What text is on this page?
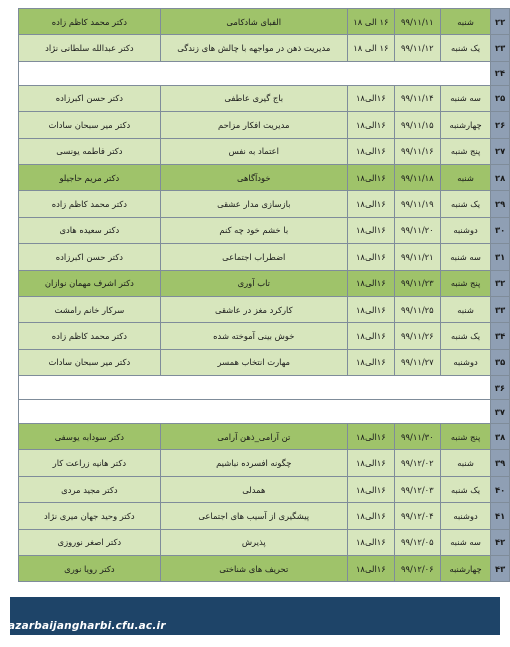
۲۲	شنبه	۹۹/۱۱/۱۱	۱۶ الی ۱۸	الفبای شادکامی	دکتر محمد کاظم زاده
۲۳	یک شنبه	۹۹/۱۱/۱۲	۱۶ الی ۱۸	مدیریت ذهن در مواجهه با چالش های زندگی	دکتر عبدالله سلطانی نژاد
۲۴					
۲۵	سه شنبه	۹۹/۱۱/۱۴	۱۶الی۱۸	باج گیری عاطفی	دکتر حسن اکبرزاده
۲۶	چهارشنبه	۹۹/۱۱/۱۵	۱۶الی۱۸	مدیریت افکار مزاحم	دکتر میر سبحان سادات
۲۷	پنج شنبه	۹۹/۱۱/۱۶	۱۶الی۱۸	اعتماد به نفس	دکتر فاطمه یونسی
۲۸	شنبه	۹۹/۱۱/۱۸	۱۶الی۱۸	خودآگاهی	دکتر مریم حاجیلو
۲۹	یک شنبه	۹۹/۱۱/۱۹	۱۶الی۱۸	بازسازی مدار عشقی	دکتر محمد کاظم زاده
۳۰	دوشنبه	۹۹/۱۱/۲۰	۱۶الی۱۸	با خشم خود چه کنم	دکتر سعیده هادی
۳۱	سه شنبه	۹۹/۱۱/۲۱	۱۶الی۱۸	اضطراب اجتماعی	دکتر حسن اکبرزاده
۳۲	پنج شنبه	۹۹/۱۱/۲۳	۱۶الی۱۸	تاب آوری	دکتر اشرف مهمان نوازان
۳۳	شنبه	۹۹/۱۱/۲۵	۱۶الی۱۸	کارکرد مغز در عاشقی	سرکار خانم رامشت
۳۴	یک شنبه	۹۹/۱۱/۲۶	۱۶الی۱۸	خوش بینی آموخته شده	دکتر محمد کاظم زاده
۳۵	دوشنبه	۹۹/۱۱/۲۷	۱۶الی۱۸	مهارت انتخاب همسر	دکتر میر سبحان سادات
۳۶					
۳۷					
۳۸	پنج شنبه	۹۹/۱۱/۳۰	۱۶الی۱۸	تن آرامی_ذهن آرامی	دکتر سودابه یوسفی
۳۹	شنبه	۹۹/۱۲/۰۲	۱۶الی۱۸	چگونه افسرده نباشیم	دکتر هانیه زراعت کار
۴۰	یک شنبه	۹۹/۱۲/۰۳	۱۶الی۱۸	همدلی	دکتر مجید مردی
۴۱	دوشنبه	۹۹/۱۲/۰۴	۱۶الی۱۸	پیشگیری از آسیب های اجتماعی	دکتر وحید جهان میری نژاد
۴۲	سه شنبه	۹۹/۱۲/۰۵	۱۶الی۱۸	پذیرش	دکتر اصغر نوروزی
۴۳	چهارشنبه	۹۹/۱۲/۰۶	۱۶الی۱۸	تحریف های شناختی	دکتر رویا نوری
azarbaijangharbi.cfu.ac.ir
